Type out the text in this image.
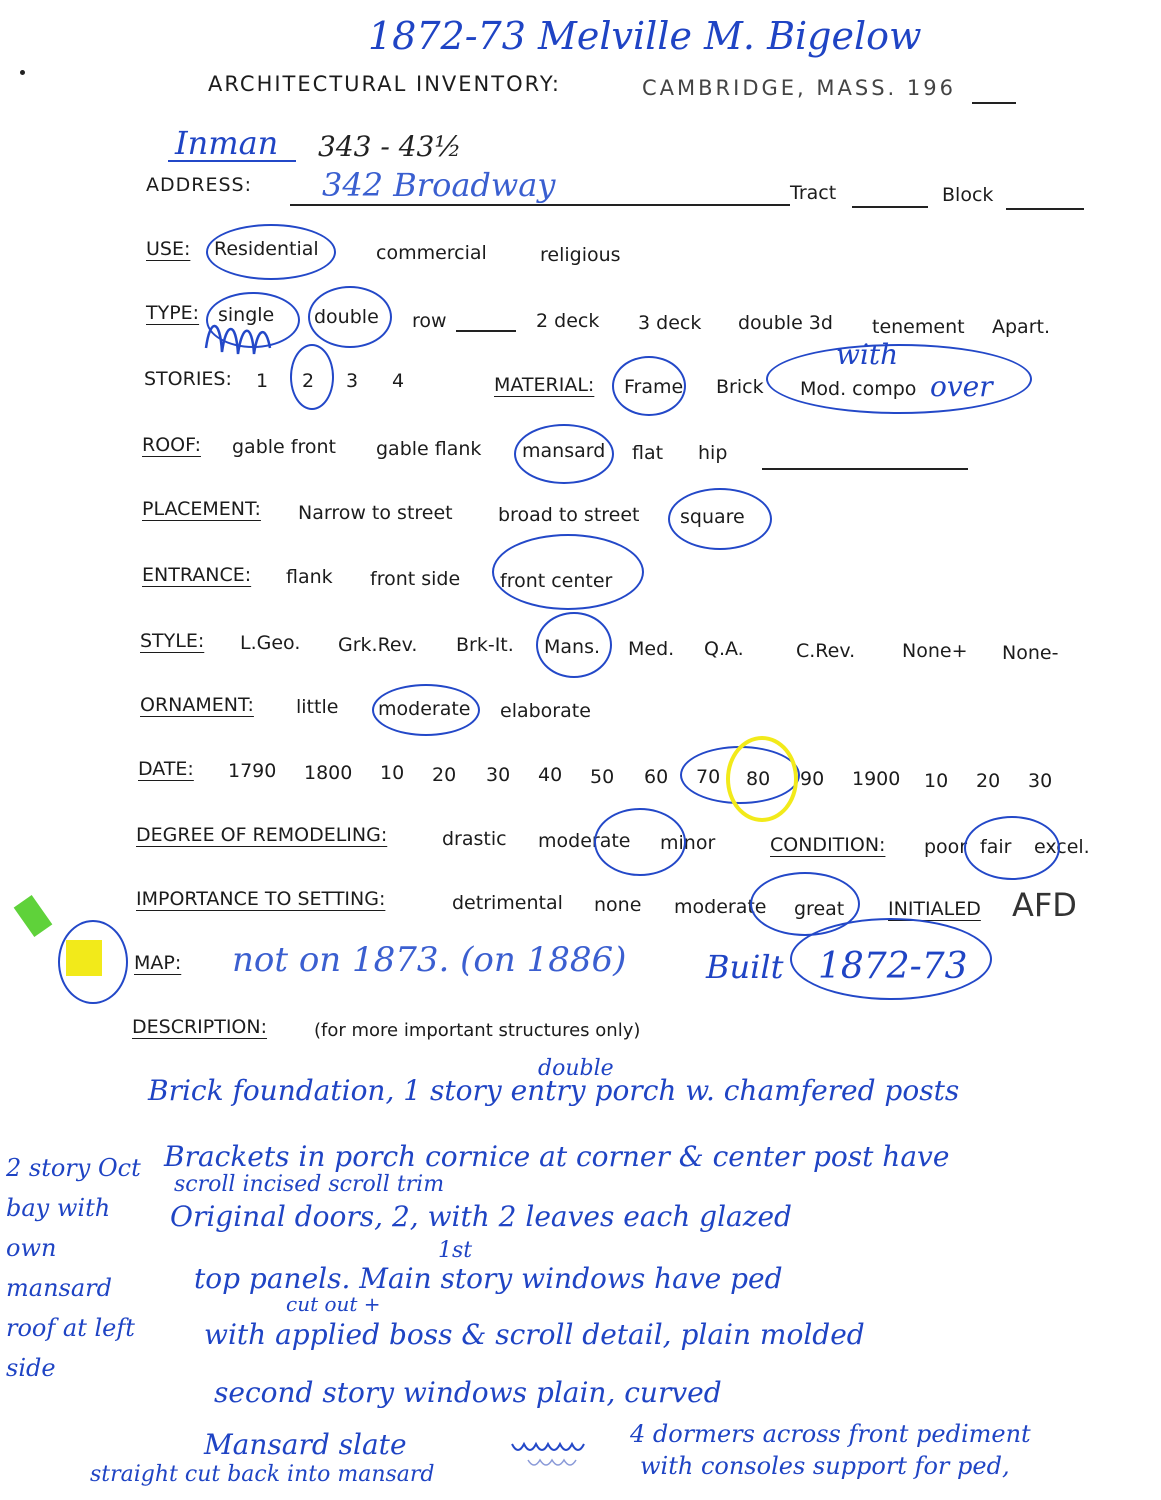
1872-73 Melville M. Bigelow
ARCHITECTURAL INVENTORY:	CAMBRIDGE, MASS. 196
Inman 343 - 43½
ADDRESS: 342 Broadway	Tract	Block
USE: Residential	commercial	religious
TYPE: single double row	2 deck 3 deck double 3d tenement Apart.
STORIES: 1 2 3 4	MATERIAL: Frame Brick Mod. compo
with
over
ROOF: gable front gable flank mansard flat hip
PLACEMENT: Narrow to street broad to street square
ENTRANCE: flank front side front center
STYLE: L.Geo. Grk.Rev. Brk-It. Mans. Med. Q.A.	C.Rev. None+ None-
ORNAMENT: little moderate elaborate
DATE: 1790 1800 10 20 30 40 50 60 70 80 90 1900 10 20 30
DEGREE OF REMODELING:	drastic moderate minor	CONDITION: poor fair excel.
IMPORTANCE TO SETTING:	detrimental none moderate great INITIALED AFD
MAP: not on 1873. (on 1886) Built 1872-73
DESCRIPTION:	(for more important structures only)
double
Brick foundation, 1 story entry porch w. chamfered posts
Brackets in porch cornice at corner & center post have
scroll incised scroll trim
Original doors, 2, with 2 leaves each glazed
1st
top panels. Main story windows have ped
cut out +
with applied boss & scroll detail, plain molded
second story windows plain, curved
Mansard slate	4 dormers across front pediment
with consoles support for ped,
straight cut back into mansard
2 story Oct bay with own mansard roof at left side
